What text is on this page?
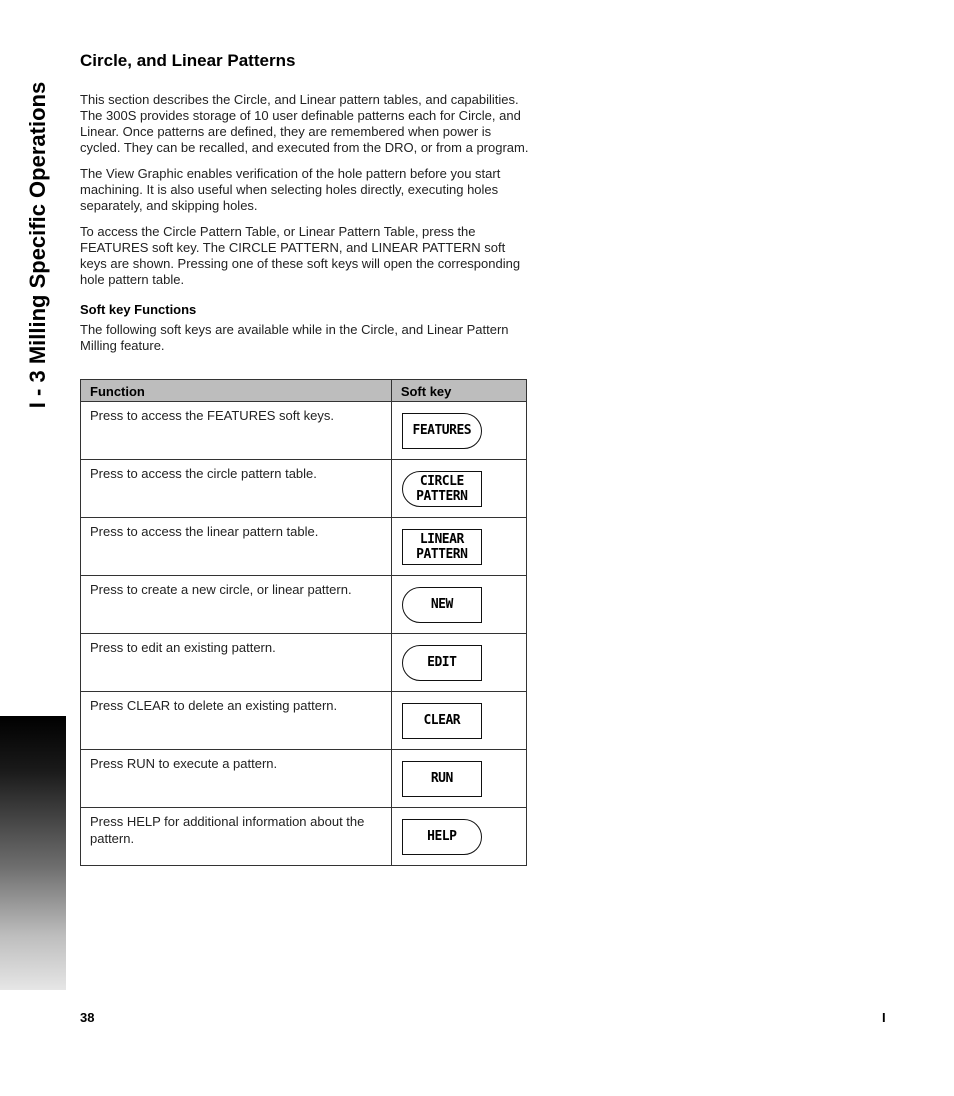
I - 3 Milling Specific Operations
Circle, and Linear Patterns

This section describes the Circle, and Linear pattern tables, and capabilities. The 300S provides storage of 10 user definable patterns each for Circle, and Linear. Once patterns are defined, they are remembered when power is cycled. They can be recalled, and executed from the DRO, or from a program.

The View Graphic enables verification of the hole pattern before you start machining. It is also useful when selecting holes directly, executing holes separately, and skipping holes.

To access the Circle Pattern Table, or Linear Pattern Table, press the FEATURES soft key. The CIRCLE PATTERN, and LINEAR PATTERN soft keys are shown. Pressing one of these soft keys will open the corresponding hole pattern table.

Soft key Functions

The following soft keys are available while in the Circle, and Linear Pattern Milling feature.

Function	Soft key
Press to access the FEATURES soft keys.	FEATURES

Press to access the circle pattern table.	CIRCLE
PATTERN

Press to access the linear pattern table.	LINEAR
PATTERN

Press to create a new circle, or linear pattern.	NEW

Press to edit an existing pattern.	EDIT

Press CLEAR to delete an existing pattern.	CLEAR

Press RUN to execute a pattern.	RUN

Press HELP for additional information about the pattern.	HELP
38	I
